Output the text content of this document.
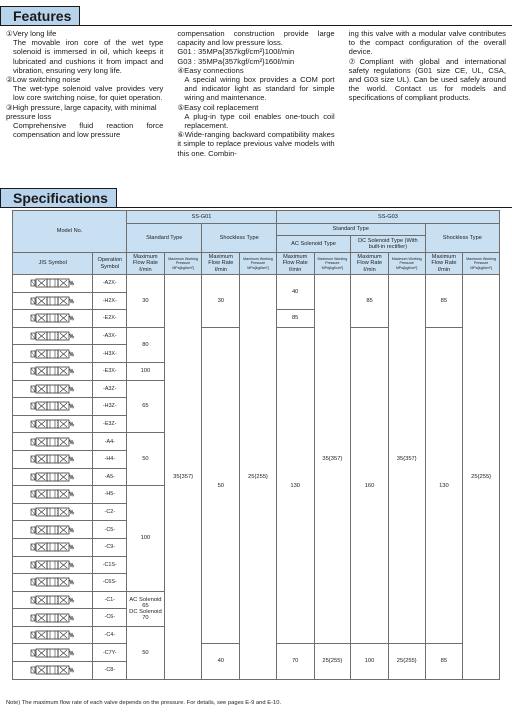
Features
①Very long life
The movable iron core of the wet type solenoid is immersed in oil, which keeps it lubricated and cushions it from impact and vibration, ensuring very long life.
②Low switching noise
The wet-type solenoid valve provides very low core switching noise, for quiet operation.
③High pressure, large capacity, with minimal pressure loss
Comprehensive fluid reaction force compensation and low pressure
compensation construction provide large capacity and low pressure loss.
G01 : 35MPa{357kgf/cm²}100ℓ/min
G03 : 35MPa{357kgf/cm²}160ℓ/min
④Easy connections
A special wiring box provides a COM port and indicator light as standard for simple wiring and maintenance.
⑤Easy coil replacement
A plug-in type coil enables one-touch coil replacement.
⑥Wide-ranging backward compatibility makes it simple to replace previous valve models with this one. Combin-
ing this valve with a modular valve contributes to the compact configuration of the overall device.
⑦Compliant with global and international safety regulations (G01 size CE, UL, CSA, and G03 size UL). Can be used safely around the world. Contact us for models and specifications of compliant products.
Specifications
Model No.		SS-G01				SS-G03					
		Standard Type		Shockless Type		Standard Type				Shockless Type	
						AC Solenoid Type		DC Solenoid Type (With built-in rectifier)			
JIS Symbol	Operation Symbol	Maximum Flow Rate ℓ/min	Maximum Working Pressure MPa{kgf/cm²}	Maximum Flow Rate ℓ/min	Maximum Working Pressure MPa{kgf/cm²}	Maximum Flow Rate ℓ/min	Maximum Working Pressure MPa{kgf/cm²}	Maximum Flow Rate ℓ/min	Maximum Working Pressure MPa{kgf/cm²}	Maximum Flow Rate ℓ/min	Maximum Working Pressure MPa{kgf/cm²}

	-A2X-	30	35{357}	30	25{255}	40	35{357}	85	35{357}	85	25{255}

	-H2X-										

	-E2X-					85					

	-A3X-	80		50		130		160		130	

	-H3X-										

	-E3X-	100									

	-A3Z-	65									

	-H3Z-										

	-E3Z-										

	-A4-	50									

	-H4-										

	-A5-										

	-H5-	100									

	-C2-										

	-C5-										

	-C9-										

	-C1S-										

	-C6S-										

	-C1-	AC Solenoid 65
DC Solenoid 70									

	-C6-										

	-C4-	50									

	-C7Y-			40		70	25{255}	100	25{255}	85	

	-C8-										
Note) The maximum flow rate of each valve depends on the pressure. For details, see pages E-9 and E-10.
